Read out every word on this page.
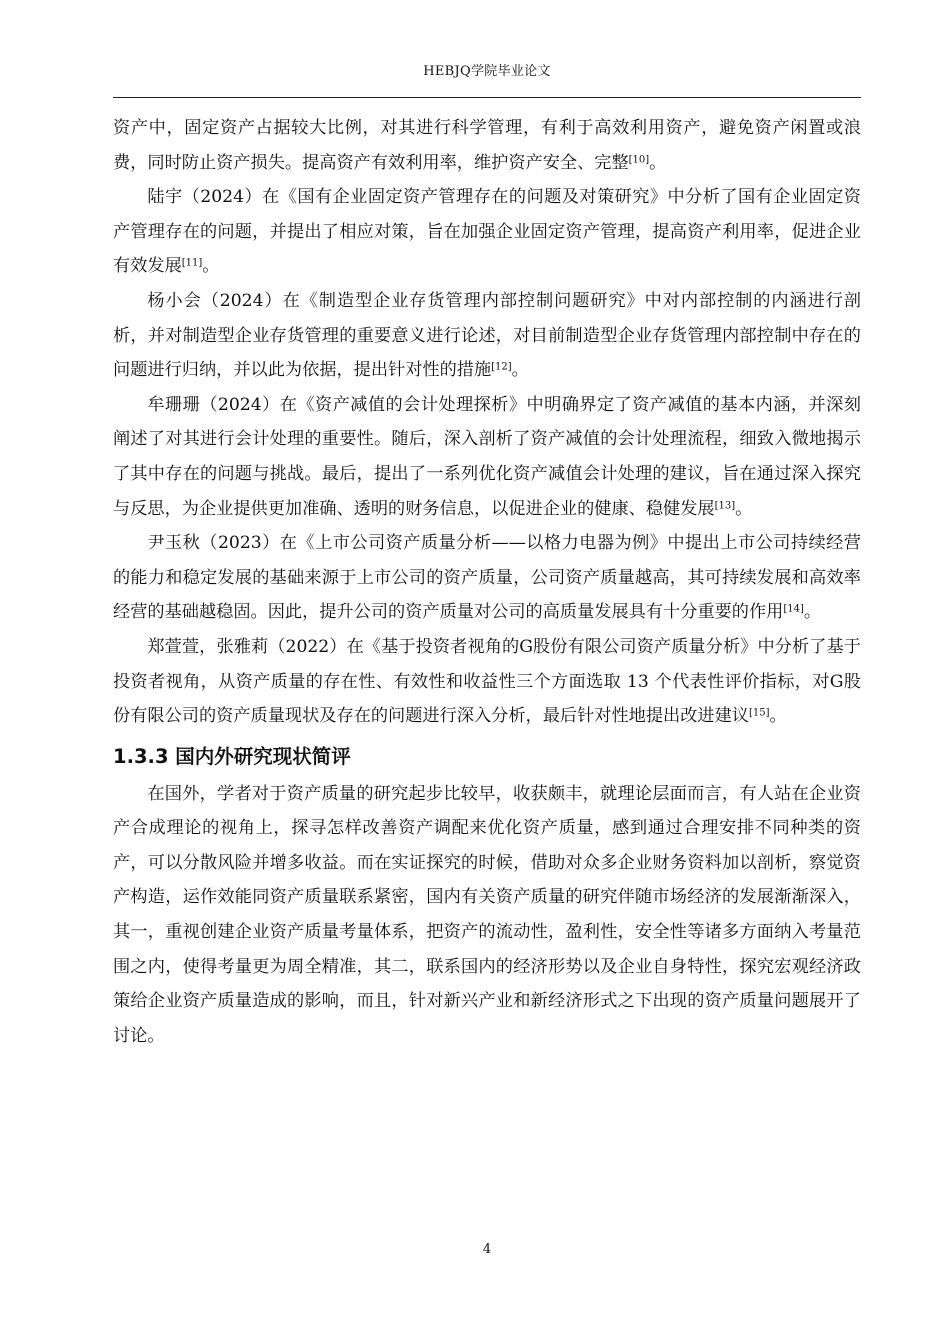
HEBJQ学院毕业论文

资产中，固定资产占据较大比例，对其进行科学管理，有利于高效利用资产，避免资产闲置或浪费，同时防止资产损失。提高资产有效利用率，维护资产安全、完整[10]。

陆宇（2024）在《国有企业固定资产管理存在的问题及对策研究》中分析了国有企业固定资产管理存在的问题，并提出了相应对策，旨在加强企业固定资产管理，提高资产利用率，促进企业有效发展[11]。

杨小会（2024）在《制造型企业存货管理内部控制问题研究》中对内部控制的内涵进行剖析，并对制造型企业存货管理的重要意义进行论述，对目前制造型企业存货管理内部控制中存在的问题进行归纳，并以此为依据，提出针对性的措施[12]。

牟珊珊（2024）在《资产减值的会计处理探析》中明确界定了资产减值的基本内涵，并深刻阐述了对其进行会计处理的重要性。随后，深入剖析了资产减值的会计处理流程，细致入微地揭示了其中存在的问题与挑战。最后，提出了一系列优化资产减值会计处理的建议，旨在通过深入探究与反思，为企业提供更加准确、透明的财务信息，以促进企业的健康、稳健发展[13]。

尹玉秋（2023）在《上市公司资产质量分析——以格力电器为例》中提出上市公司持续经营的能力和稳定发展的基础来源于上市公司的资产质量，公司资产质量越高，其可持续发展和高效率经营的基础越稳固。因此，提升公司的资产质量对公司的高质量发展具有十分重要的作用[14]。

郑萱萱，张雅莉（2022）在《基于投资者视角的G股份有限公司资产质量分析》中分析了基于投资者视角，从资产质量的存在性、有效性和收益性三个方面选取 13 个代表性评价指标，对G股份有限公司的资产质量现状及存在的问题进行深入分析，最后针对性地提出改进建议[15]。

1.3.3 国内外研究现状简评

在国外，学者对于资产质量的研究起步比较早，收获颇丰，就理论层面而言，有人站在企业资产合成理论的视角上，探寻怎样改善资产调配来优化资产质量，感到通过合理安排不同种类的资产，可以分散风险并增多收益。而在实证探究的时候，借助对众多企业财务资料加以剖析，察觉资产构造，运作效能同资产质量联系紧密，国内有关资产质量的研究伴随市场经济的发展渐渐深入，其一，重视创建企业资产质量考量体系，把资产的流动性，盈利性，安全性等诸多方面纳入考量范围之内，使得考量更为周全精准，其二，联系国内的经济形势以及企业自身特性，探究宏观经济政策给企业资产质量造成的影响，而且，针对新兴产业和新经济形式之下出现的资产质量问题展开了讨论。

4
